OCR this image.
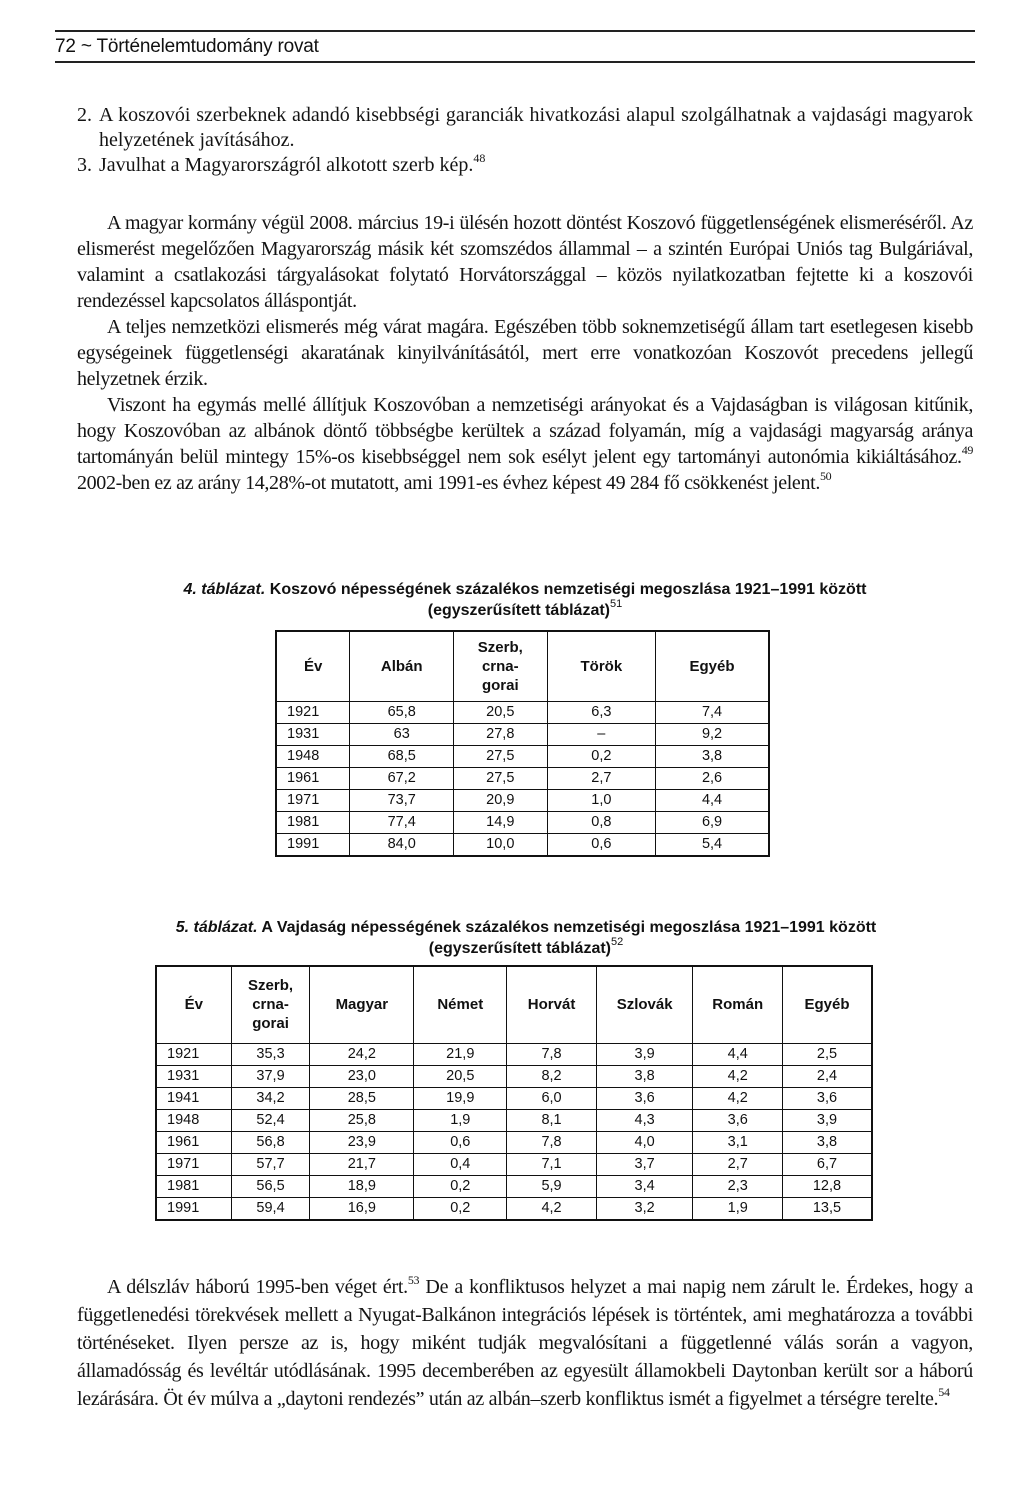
72 ~ Történelemtudomány rovat
2. A koszovói szerbeknek adandó kisebbségi garanciák hivatkozási alapul szolgálhatnak a vajdasági magyarok helyzetének javításához.
3. Javulhat a Magyarországról alkotott szerb kép.$^{48}$
A magyar kormány végül 2008. március 19-i ülésén hozott döntést Koszovó függetlenségének elismeréséről. Az elismerést megelőzően Magyarország másik két szomszédos állammal – a szintén Európai Uniós tag Bulgáriával, valamint a csatlakozási tárgyalásokat folytató Horvátországgal – közös nyilatkozatban fejtette ki a koszovói rendezéssel kapcsolatos álláspontját.
A teljes nemzetközi elismerés még várat magára. Egészében több soknemzetiségű állam tart esetlegesen kisebb egységeinek függetlenségi akaratának kinyilvánításától, mert erre vonatkozóan Koszovót precedens jellegű helyzetnek érzik.
Viszont ha egymás mellé állítjuk Koszovóban a nemzetiségi arányokat és a Vajdaságban is világosan kitűnik, hogy Koszovóban az albánok döntő többségbe kerültek a század folyamán, míg a vajdasági magyarság aránya tartományán belül mintegy 15%-os kisebbséggel nem sok esélyt jelent egy tartományi autonómia kikiáltásához.$^{49}$ 2002-ben ez az arány 14,28%-ot mutatott, ami 1991-es évhez képest 49 284 fő csökkenést jelent.$^{50}$
4. táblázat. Koszovó népességének százalékos nemzetiségi megoszlása 1921–1991 között
(egyszerűsített táblázat)$^{51}$
Év	Albán	Szerb, crna-gorai	Török	Egyéb
1921	65,8	20,5	6,3	7,4
1931	63	27,8	–	9,2
1948	68,5	27,5	0,2	3,8
1961	67,2	27,5	2,7	2,6
1971	73,7	20,9	1,0	4,4
1981	77,4	14,9	0,8	6,9
1991	84,0	10,0	0,6	5,4
5. táblázat. A Vajdaság népességének százalékos nemzetiségi megoszlása 1921–1991 között
(egyszerűsített táblázat)$^{52}$
Év	Szerb, crna-gorai	Magyar	Német	Horvát	Szlovák	Román	Egyéb
1921	35,3	24,2	21,9	7,8	3,9	4,4	2,5
1931	37,9	23,0	20,5	8,2	3,8	4,2	2,4
1941	34,2	28,5	19,9	6,0	3,6	4,2	3,6
1948	52,4	25,8	1,9	8,1	4,3	3,6	3,9
1961	56,8	23,9	0,6	7,8	4,0	3,1	3,8
1971	57,7	21,7	0,4	7,1	3,7	2,7	6,7
1981	56,5	18,9	0,2	5,9	3,4	2,3	12,8
1991	59,4	16,9	0,2	4,2	3,2	1,9	13,5
A délszláv háború 1995-ben véget ért.$^{53}$ De a konfliktusos helyzet a mai napig nem zárult le. Érdekes, hogy a függetlenedési törekvések mellett a Nyugat-Balkánon integrációs lépések is történtek, ami meghatározza a további történéseket. Ilyen persze az is, hogy miként tudják megvalósítani a függetlenné válás során a vagyon, államadósság és levéltár utódlásának. 1995 decemberében az egyesült államokbeli Daytonban került sor a háború lezárására. Öt év múlva a „daytoni rendezés” után az albán–szerb konfliktus ismét a figyelmet a térségre terelte.$^{54}$
